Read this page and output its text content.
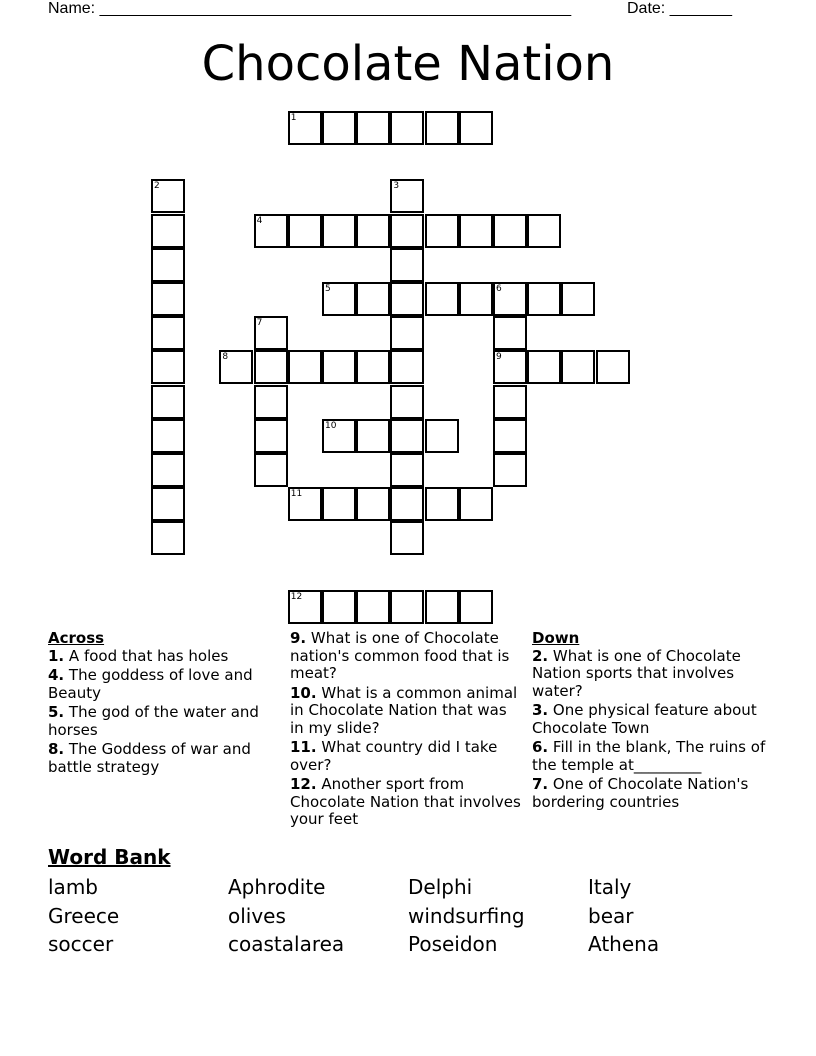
Name: _____________________________________________________	Date: _______
Chocolate Nation
1
2	3
4
5	6
9
7
8
10
11
12

Across

1. A food that has holes

4. The goddess of love and Beauty

5. The god of the water and horses

8. The Goddess of war and battle strategy

9. What is one of Chocolate nation's common food that is meat?

10. What is a common animal in Chocolate Nation that was in my slide?

11. What country did I take over?

12. Another sport from Chocolate Nation that involves your feet

Down

2. What is one of Chocolate Nation sports that involves water?

3. One physical feature about Chocolate Town

6. Fill in the blank, The ruins of the temple at_________

7. One of Chocolate Nation's bordering countries

Word Bank
lamb	Aphrodite	Delphi	Italy
Greece	olives	windsurfing	bear
soccer	coastalarea	Poseidon	Athena
